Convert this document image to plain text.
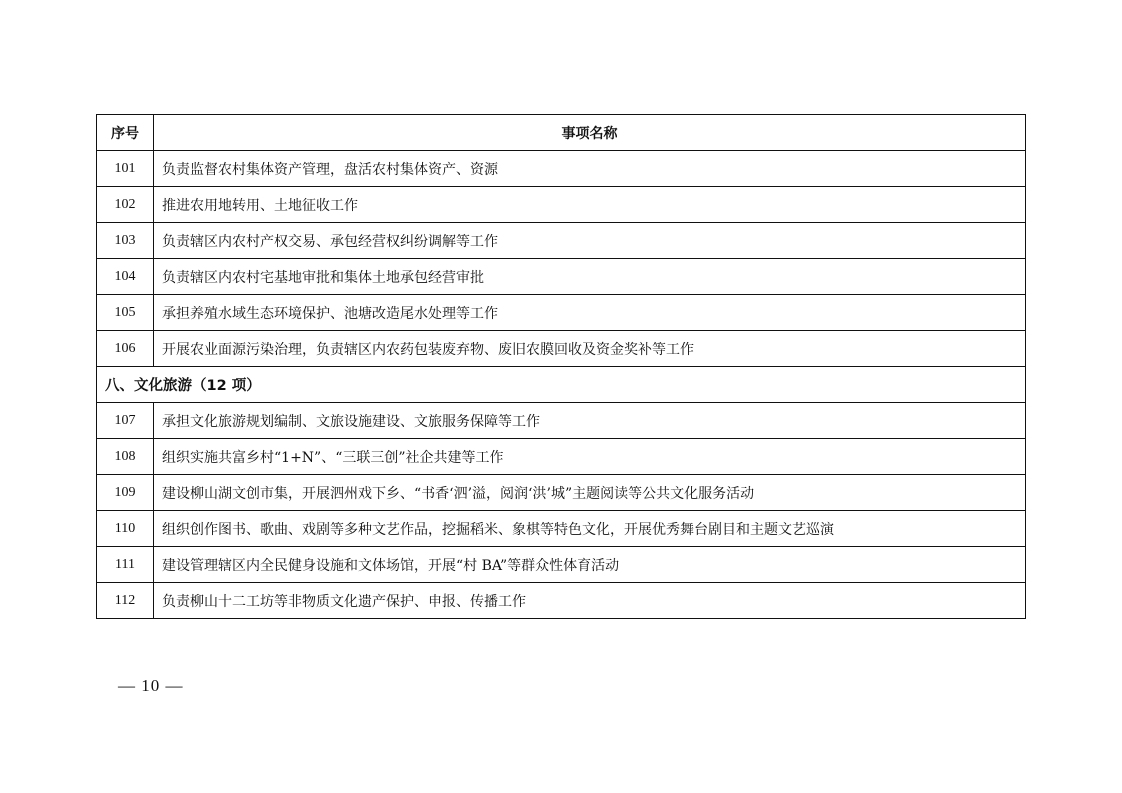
序号	事项名称
101	负责监督农村集体资产管理，盘活农村集体资产、资源
102	推进农用地转用、土地征收工作
103	负责辖区内农村产权交易、承包经营权纠纷调解等工作
104	负责辖区内农村宅基地审批和集体土地承包经营审批
105	承担养殖水域生态环境保护、池塘改造尾水处理等工作
106	开展农业面源污染治理，负责辖区内农药包装废弃物、废旧农膜回收及资金奖补等工作
八、文化旅游（12 项）	
107	承担文化旅游规划编制、文旅设施建设、文旅服务保障等工作
108	组织实施共富乡村“1+N”、“三联三创”社企共建等工作
109	建设柳山湖文创市集，开展泗州戏下乡、“书香‘泗’溢，阅润‘洪’城”主题阅读等公共文化服务活动
110	组织创作图书、歌曲、戏剧等多种文艺作品，挖掘稻米、象棋等特色文化，开展优秀舞台剧目和主题文艺巡演
111	建设管理辖区内全民健身设施和文体场馆，开展“村 BA”等群众性体育活动
112	负责柳山十二工坊等非物质文化遗产保护、申报、传播工作
— 10 —
